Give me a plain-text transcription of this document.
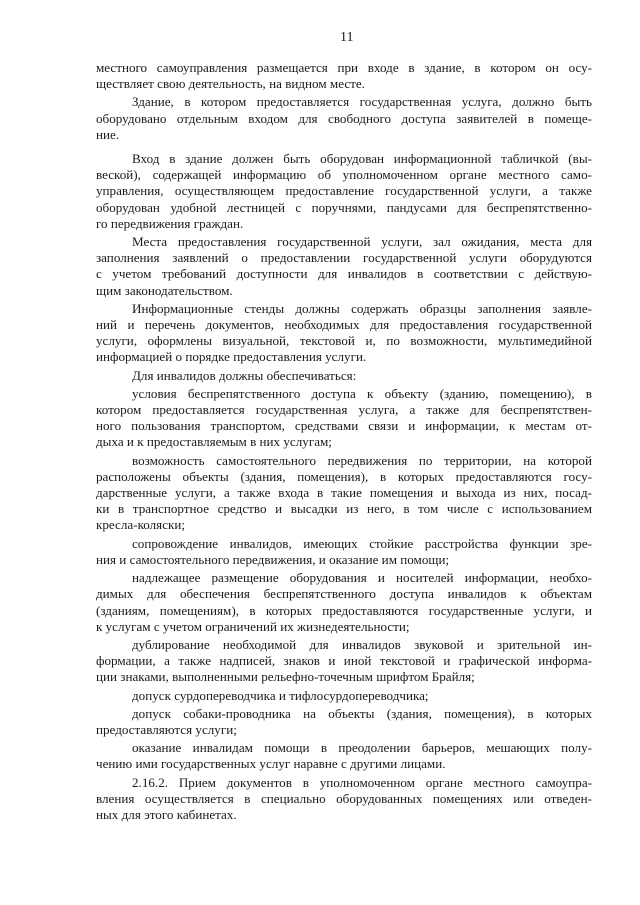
11
местного самоуправления размещается при входе в здание, в котором он осу-
ществляет свою деятельность, на видном месте.
Здание, в котором предоставляется государственная услуга, должно быть
оборудовано отдельным входом для свободного доступа заявителей в помеще-
ние.
Вход в здание должен быть оборудован информационной табличкой (вы-
веской), содержащей информацию об уполномоченном органе местного само-
управления, осуществляющем предоставление государственной услуги, а также
оборудован удобной лестницей с поручнями, пандусами для беспрепятственно-
го передвижения граждан.
Места предоставления государственной услуги, зал ожидания, места для
заполнения заявлений о предоставлении государственной услуги оборудуются
с учетом требований доступности для инвалидов в соответствии с действую-
щим законодательством.
Информационные стенды должны содержать образцы заполнения заявле-
ний и перечень документов, необходимых для предоставления государственной
услуги, оформлены визуальной, текстовой и, по возможности, мультимедийной
информацией о порядке предоставления услуги.
Для инвалидов должны обеспечиваться:
условия беспрепятственного доступа к объекту (зданию, помещению), в
котором предоставляется государственная услуга, а также для беспрепятствен-
ного пользования транспортом, средствами связи и информации, к местам от-
дыха и к предоставляемым в них услугам;
возможность самостоятельного передвижения по территории, на которой
расположены объекты (здания, помещения), в которых предоставляются госу-
дарственные услуги, а также входа в такие помещения и выхода из них, посад-
ки в транспортное средство и высадки из него, в том числе с использованием
кресла-коляски;
сопровождение инвалидов, имеющих стойкие расстройства функции зре-
ния и самостоятельного передвижения, и оказание им помощи;
надлежащее размещение оборудования и носителей информации, необхо-
димых для обеспечения беспрепятственного доступа инвалидов к объектам
(зданиям, помещениям), в которых предоставляются государственные услуги, и
к услугам с учетом ограничений их жизнедеятельности;
дублирование необходимой для инвалидов звуковой и зрительной ин-
формации, а также надписей, знаков и иной текстовой и графической информа-
ции знаками, выполненными рельефно-точечным шрифтом Брайля;
допуск сурдопереводчика и тифлосурдопереводчика;
допуск собаки-проводника на объекты (здания, помещения), в которых
предоставляются услуги;
оказание инвалидам помощи в преодолении барьеров, мешающих полу-
чению ими государственных услуг наравне с другими лицами.
2.16.2. Прием документов в уполномоченном органе местного самоупра-
вления осуществляется в специально оборудованных помещениях или отведен-
ных для этого кабинетах.
